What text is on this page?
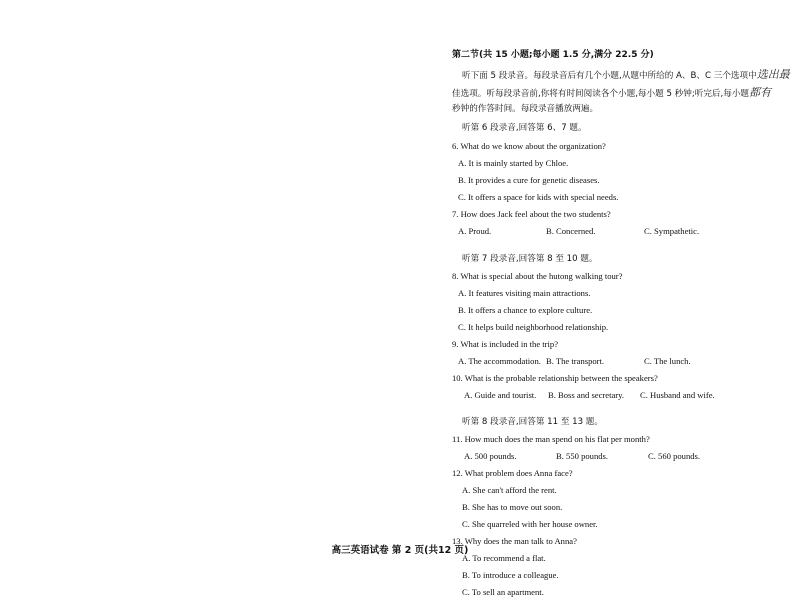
第二节(共 15 小题;每小题 1.5 分,满分 22.5 分)
听下面 5 段录音。每段录音后有几个小题,从题中所给的 A、B、C 三个选项中选出最
佳选项。听每段录音前,你将有时间阅读各个小题,每小题 5 秒钟;听完后,每小题都有
秒钟的作答时间。每段录音播放两遍。
听第 6 段录音,回答第 6、7 题。
6. What do we know about the organization?
A. It is mainly started by Chloe.
B. It provides a cure for genetic diseases.
C. It offers a space for kids with special needs.
7. How does Jack feel about the two students?
A. Proud.	B. Concerned.	C. Sympathetic.
听第 7 段录音,回答第 8 至 10 题。
8. What is special about the hutong walking tour?
A. It features visiting main attractions.
B. It offers a chance to explore culture.
C. It helps build neighborhood relationship.
9. What is included in the trip?
A. The accommodation. B. The transport.	C. The lunch.
10. What is the probable relationship between the speakers?
A. Guide and tourist. B. Boss and secretary. C. Husband and wife.
听第 8 段录音,回答第 11 至 13 题。
11. How much does the man spend on his flat per month?
A. 500 pounds.	B. 550 pounds.	C. 560 pounds.
12. What problem does Anna face?
A. She can't afford the rent.
B. She has to move out soon.
C. She quarreled with her house owner.
13. Why does the man talk to Anna?
A. To recommend a flat.
B. To introduce a colleague.
C. To sell an apartment.
高三英语试卷 第 2 页(共12 页)
